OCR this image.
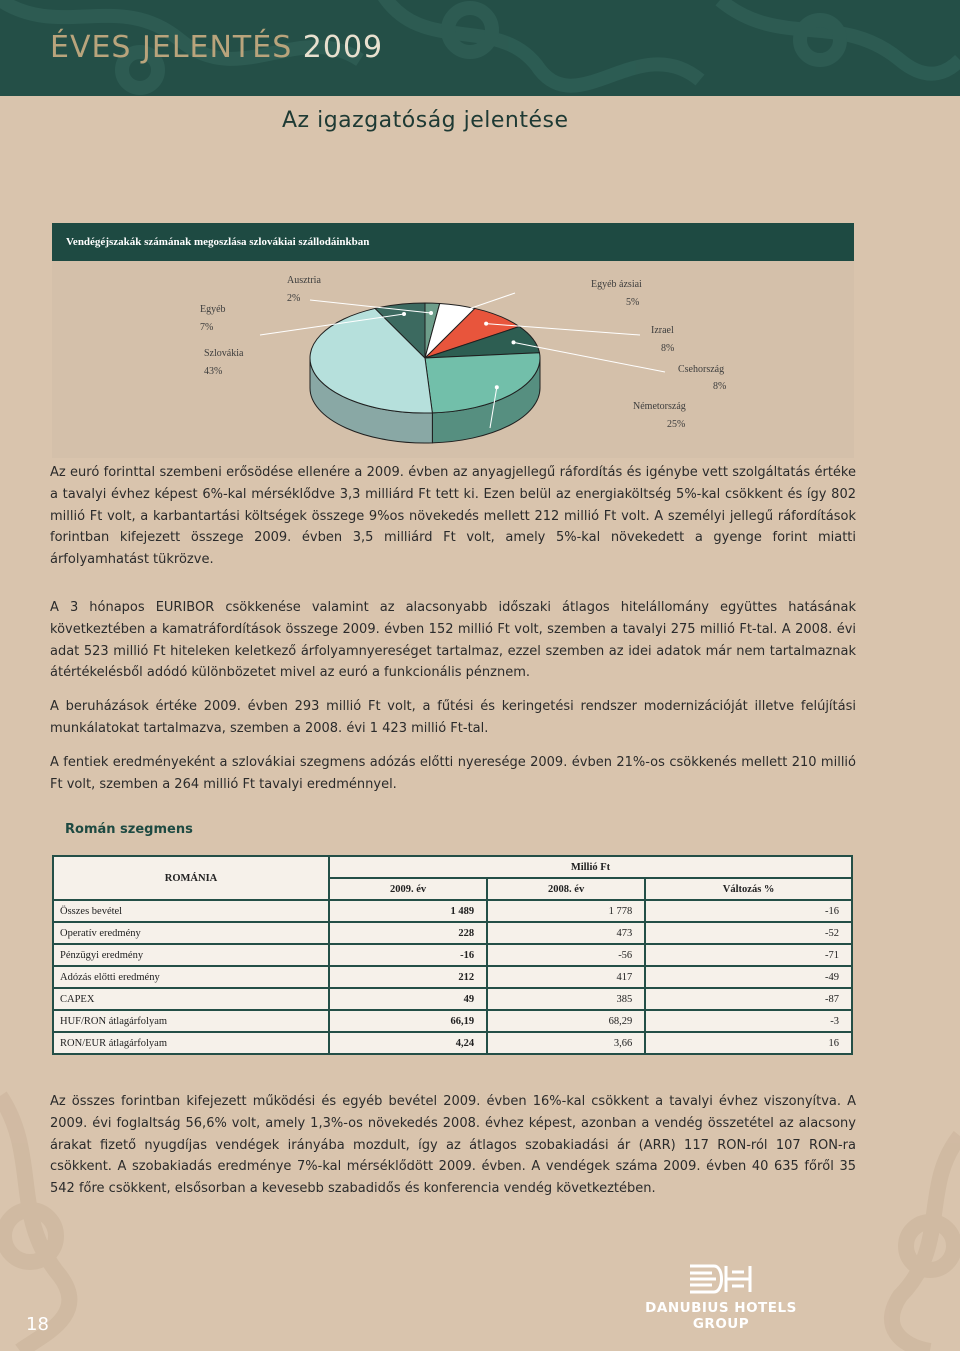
ÉVES JELENTÉS 2009
Az igazgatóság jelentése
Vendégéjszakák számának megoszlása szlovákiai szállodáinkban
Ausztria
2%
Egyéb ázsiai
5%
Izrael
8%
Csehország
8%
Németország
25%
Szlovákia
43%
Egyéb
7%

Az euró forinttal szembeni erősödése ellenére a 2009. évben az anyagjellegű ráfordítás és igénybe vett szolgáltatás értéke a tavalyi évhez képest 6%-kal mérséklődve 3,3 milliárd Ft tett ki. Ezen belül az energiaköltség 5%-kal csökkent és így 802 millió Ft volt, a karbantartási költségek összege 9%os növekedés mellett 212 millió Ft volt. A személyi jellegű ráfordítások forintban kifejezett összege 2009. évben 3,5 milliárd Ft volt, amely 5%-kal növekedett a gyenge forint miatti árfolyamhatást tükrözve.

A 3 hónapos EURIBOR csökkenése valamint az alacsonyabb időszaki átlagos hitelállomány együttes hatásának következtében a kamatráfordítások összege 2009. évben 152 millió Ft volt, szemben a tavalyi 275 millió Ft-tal. A 2008. évi adat 523 millió Ft hiteleken keletkező árfolyamnyereséget tartalmaz, ezzel szemben az idei adatok már nem tartalmaznak átértékelésből adódó különbözetet mivel az euró a funkcionális pénznem.

A beruházások értéke 2009. évben 293 millió Ft volt, a fűtési és keringetési rendszer modernizációját illetve felújítási munkálatokat tartalmazva, szemben a 2008. évi 1 423 millió Ft-tal.

A fentiek eredményeként a szlovákiai szegmens adózás előtti nyeresége 2009. évben 21%-os csökkenés mellett 210 millió Ft volt, szemben a 264 millió Ft tavalyi eredménnyel.

Román szegmens
ROMÁNIA	Millió Ft		
	2009. év	2008. év	Változás %
Összes bevétel	1 489	1 778	-16
Operatív eredmény	228	473	-52
Pénzügyi eredmény	-16	-56	-71
Adózás előtti eredmény	212	417	-49
CAPEX	49	385	-87
HUF/RON átlagárfolyam	66,19	68,29	-3
RON/EUR átlagárfolyam	4,24	3,66	16

Az összes forintban kifejezett működési és egyéb bevétel 2009. évben 16%-kal csökkent a tavalyi évhez viszonyítva. A 2009. évi foglaltság 56,6% volt, amely 1,3%-os növekedés 2008. évhez képest, azonban a vendég összetétel az alacsony árakat fizető nyugdíjas vendégek irányába mozdult, így az átlagos szobakiadási ár (ARR) 117 RON-ról 107 RON-ra csökkent. A szobakiadás eredménye 7%-kal mérséklődött 2009. évben. A vendégek száma 2009. évben 40 635 főről 35 542 főre csökkent, elsősorban a kevesebb szabadidős és konferencia vendég következtében.

18
DANUBIUS HOTELS
GROUP
